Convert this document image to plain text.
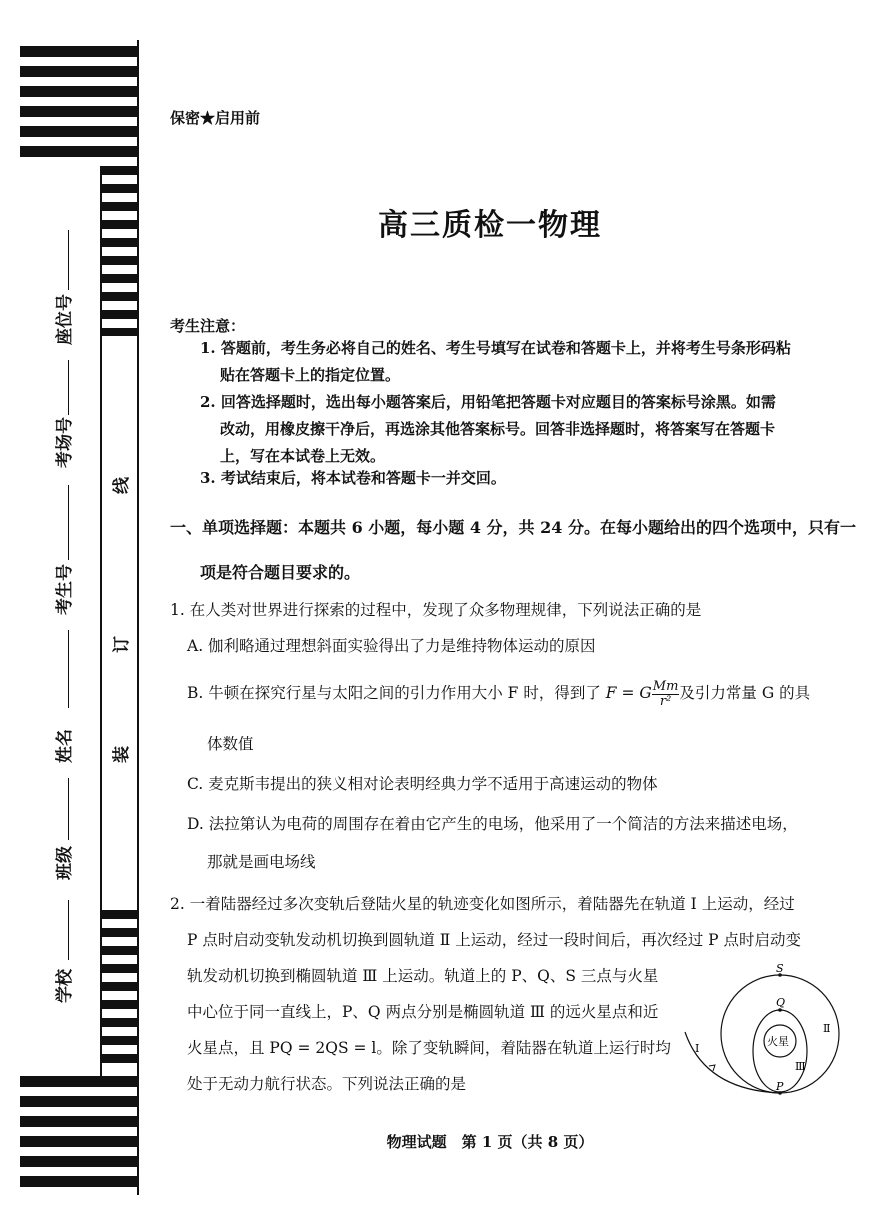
座位号
考场号
考生号
姓名
班级
学校
线
订
装
保密★启用前
高三质检一物理
考生注意：
1. 答题前，考生务必将自己的姓名、考生号填写在试卷和答题卡上，并将考生号条形码粘
贴在答题卡上的指定位置。
2. 回答选择题时，选出每小题答案后，用铅笔把答题卡对应题目的答案标号涂黑。如需
改动，用橡皮擦干净后，再选涂其他答案标号。回答非选择题时，将答案写在答题卡
上，写在本试卷上无效。
3. 考试结束后，将本试卷和答题卡一并交回。
一、单项选择题：本题共 6 小题，每小题 4 分，共 24 分。在每小题给出的四个选项中，只有一
项是符合题目要求的。
1. 在人类对世界进行探索的过程中，发现了众多物理规律，下列说法正确的是
A. 伽利略通过理想斜面实验得出了力是维持物体运动的原因
B. 牛顿在探究行星与太阳之间的引力作用大小 F 时，得到了 F = G $\frac{Mm}{\text{r²}}$ 及引力常量 G 的具
体数值
C. 麦克斯韦提出的狭义相对论表明经典力学不适用于高速运动的物体
D. 法拉第认为电荷的周围存在着由它产生的电场，他采用了一个简洁的方法来描述电场，
那就是画电场线
2. 一着陆器经过多次变轨后登陆火星的轨迹变化如图所示，着陆器先在轨道 Ⅰ 上运动，经过
P 点时启动变轨发动机切换到圆轨道 Ⅱ 上运动，经过一段时间后，再次经过 P 点时启动变
轨发动机切换到椭圆轨道 Ⅲ 上运动。轨道上的 P、Q、S 三点与火星
中心位于同一直线上，P、Q 两点分别是椭圆轨道 Ⅲ 的远火星点和近
火星点，且 PQ = 2QS = l。除了变轨瞬间，着陆器在轨道上运行时均
处于无动力航行状态。下列说法正确的是
S
Q
P
火星
Ⅰ
Ⅱ
Ⅲ
物理试题　第 1 页（共 8 页）
